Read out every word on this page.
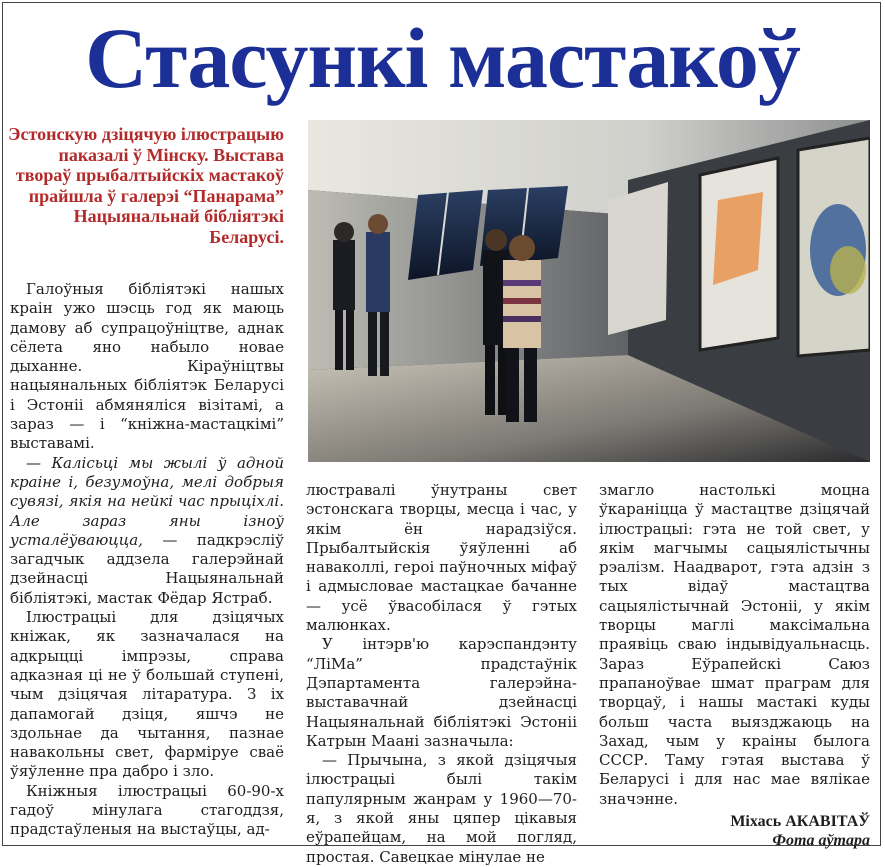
Стасункі мастакоў

Эстонскую дзіцячую ілюстрацыю паказалі ў Мінску. Выстава твораў прыбалтыйскіх мастакоў прайшла ў галерэі “Панарама” Нацыянальнай бібліятэкі Беларусі.

Галоўныя бібліятэкі нашых краін ужо шэсць год як маюць дамову аб супрацоўніцтве, аднак сёлета яно набыло новае дыханне. Кіраўніцтвы нацыянальных бібліятэк Беларусі і Эстоніі абмяняліся візітамі, а зараз — і “кніжна-мастацкімі” выставамі.

— Калісьці мы жылі ў адной краіне і, безумоўна, мелі добрыя сувязі, якія на нейкі час прыціхлі. Але зараз яны ізноў усталёўваюцца, — падкрэсліў загадчык аддзела галерэйнай дзейнасці Нацыянальнай бібліятэкі, мастак Фёдар Ястраб.

Ілюстрацыі для дзіцячых кніжак, як зазначалася на адкрыцці імпрэзы, справа адказная ці не ў большай ступені, чым дзіцячая літаратура. З іх дапамогай дзіця, яшчэ не здольнае да чытання, пазнае навакольны свет, фарміруе сваё ўяўленне пра дабро і зло.

Кніжныя ілюстрацыі 60-90-х гадоў мінулага стагоддзя, прадстаўленыя на выстаўцы, ад-

люстравалі ўнутраны свет эстонскага творцы, месца і час, у якім ён нарадзіўся. Прыбалтыйскія ўяўленні аб наваколлі, героі паўночных міфаў і адмысловае мастацкае бачанне — усё ўвасобілася ў гэтых малюнках.

У інтэрв'ю карэспандэнту “ЛіМа” прадстаўнік Дэпартамента галерэйна-выставачнай дзейнасці Нацыянальнай бібліятэкі Эстоніі Катрын Маані зазначыла:

— Прычына, з якой дзіцячыя ілюстрацыі былі такім папулярным жанрам у 1960—70-я, з якой яны цяпер цікавыя еўрапейцам, на мой погляд, простая. Савецкае мінулае не

змагло настолькі моцна ўкараніцца ў мастацтве дзіцячай ілюстрацыі: гэта не той свет, у якім магчымы сацыялістычны рэалізм. Наадварот, гэта адзін з тых відаў мастацтва сацыялістычнай Эстоніі, у якім творцы маглі максімальна праявіць сваю індывідуальнасць. Зараз Еўрапейскі Саюз прапаноўвае шмат праграм для творцаў, і нашы мастакі куды больш часта выязджаюць на Захад, чым у краіны былога СССР. Таму гэтая выстава ў Беларусі і для нас мае вялікае значэнне.

Міхась АКАВІТАЎ
Фота аўтара
